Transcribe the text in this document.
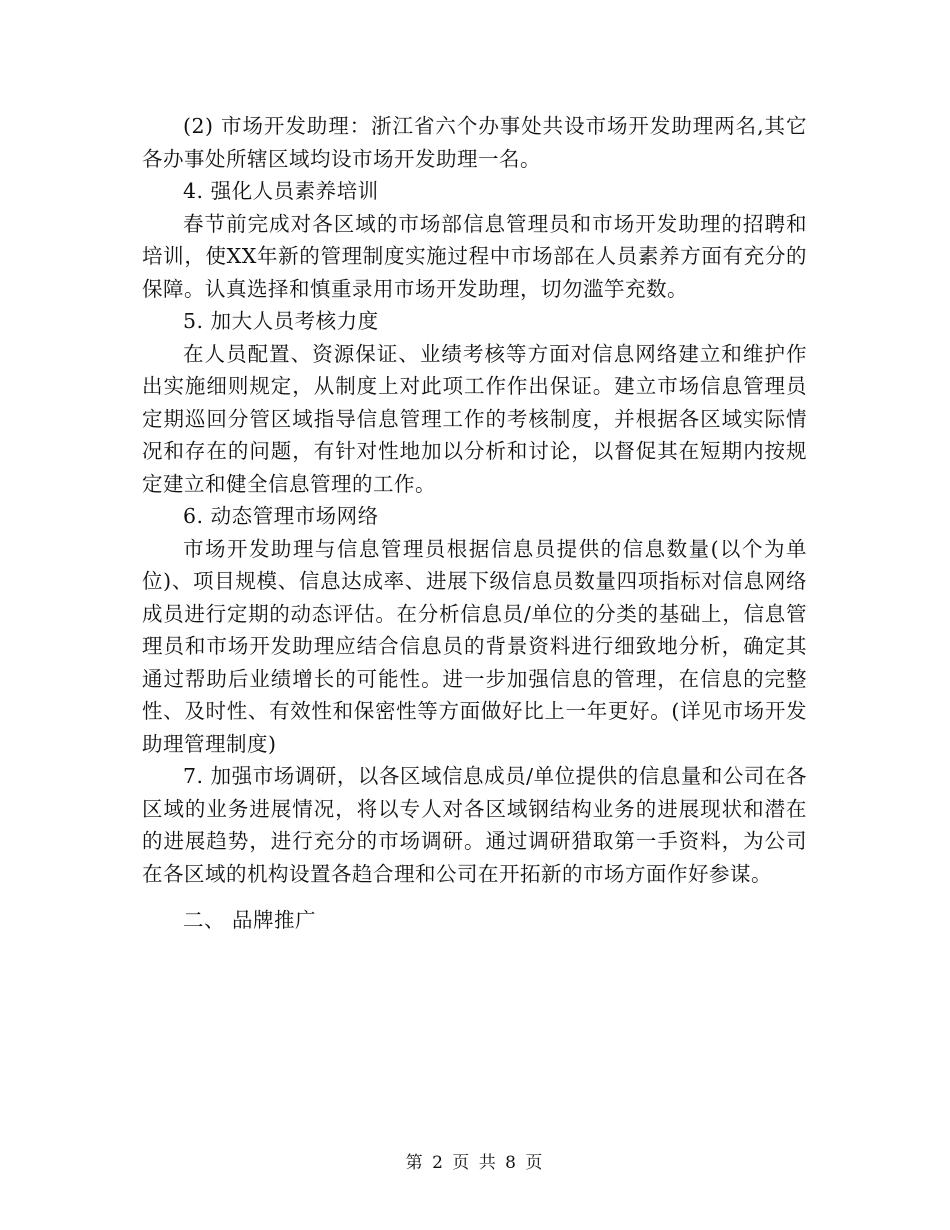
(2) 市场开发助理：浙江省六个办事处共设市场开发助理两名,其它各办事处所辖区域均设市场开发助理一名。

4. 强化人员素养培训

春节前完成对各区域的市场部信息管理员和市场开发助理的招聘和培训，使XX年新的管理制度实施过程中市场部在人员素养方面有充分的保障。认真选择和慎重录用市场开发助理，切勿滥竽充数。

5. 加大人员考核力度

在人员配置、资源保证、业绩考核等方面对信息网络建立和维护作出实施细则规定，从制度上对此项工作作出保证。建立市场信息管理员定期巡回分管区域指导信息管理工作的考核制度，并根据各区域实际情况和存在的问题，有针对性地加以分析和讨论，以督促其在短期内按规定建立和健全信息管理的工作。

6. 动态管理市场网络

市场开发助理与信息管理员根据信息员提供的信息数量(以个为单位)、项目规模、信息达成率、进展下级信息员数量四项指标对信息网络成员进行定期的动态评估。在分析信息员/单位的分类的基础上，信息管理员和市场开发助理应结合信息员的背景资料进行细致地分析，确定其通过帮助后业绩增长的可能性。进一步加强信息的管理，在信息的完整性、及时性、有效性和保密性等方面做好比上一年更好。(详见市场开发助理管理制度)

7. 加强市场调研，以各区域信息成员/单位提供的信息量和公司在各区域的业务进展情况，将以专人对各区域钢结构业务的进展现状和潜在的进展趋势，进行充分的市场调研。通过调研猎取第一手资料，为公司在各区域的机构设置各趋合理和公司在开拓新的市场方面作好参谋。

二、 品牌推广

第 2 页 共 8 页
